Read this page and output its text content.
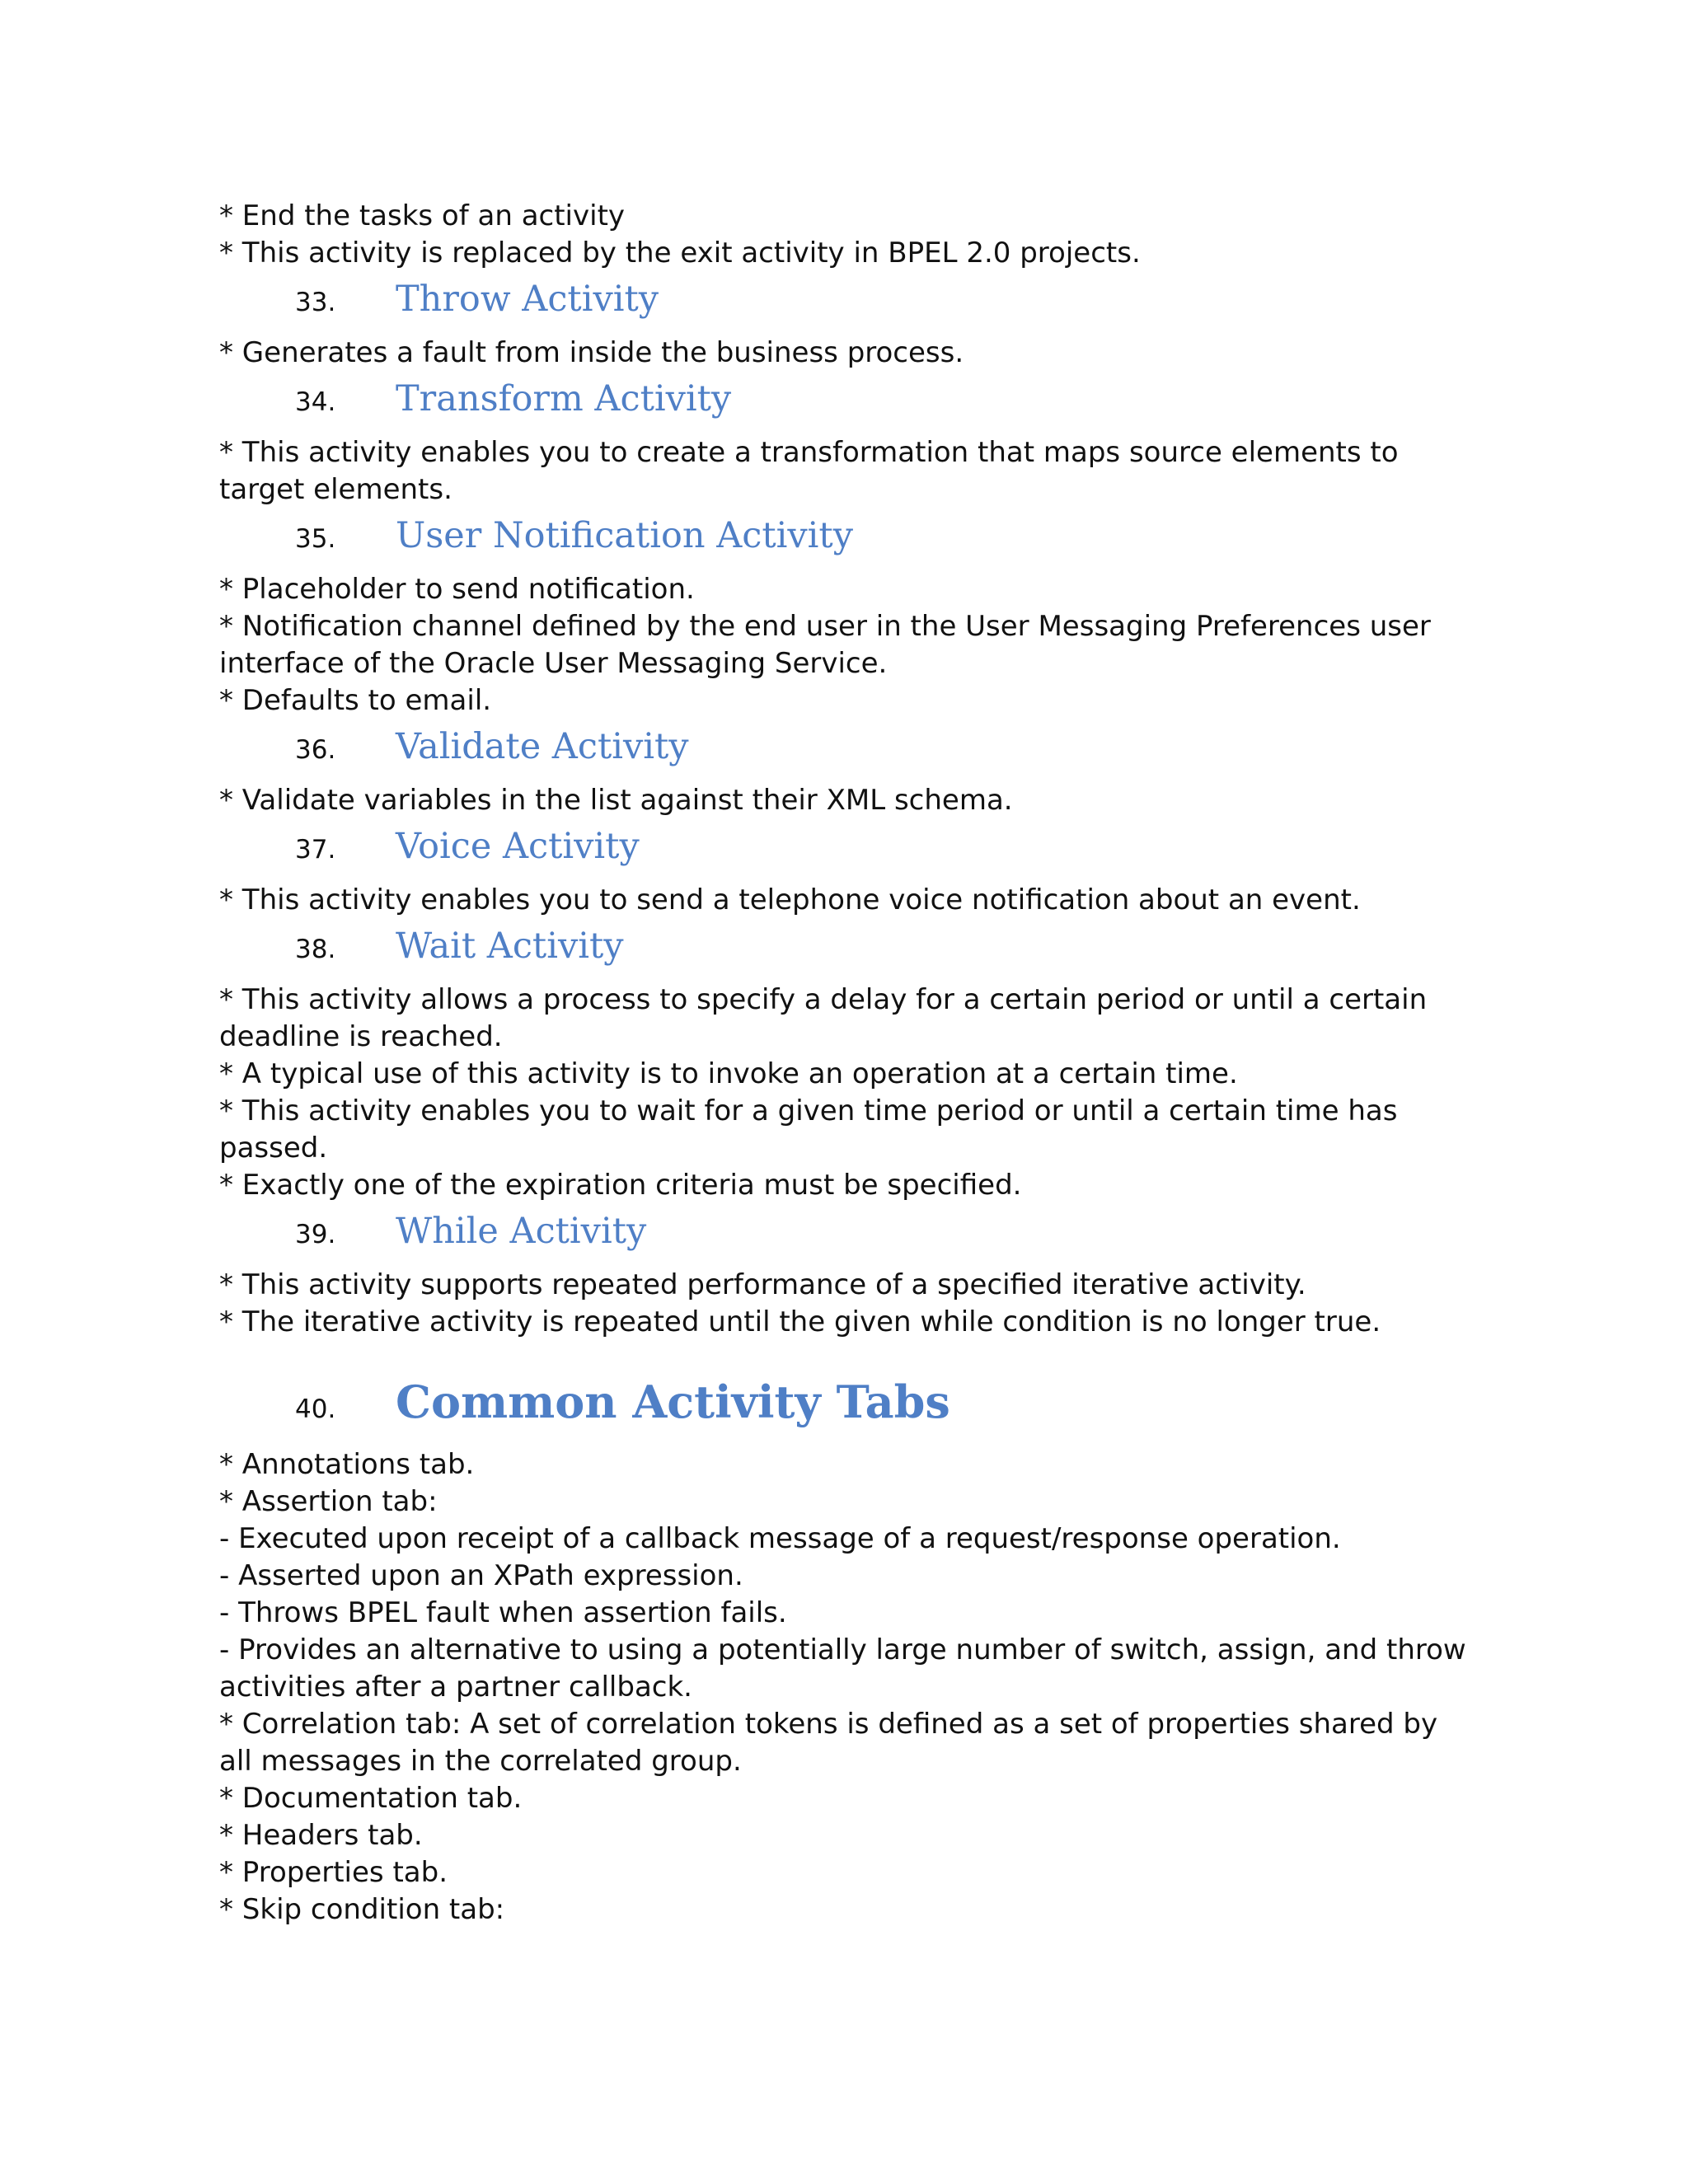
* End the tasks of an activity
* This activity is replaced by the exit activity in BPEL 2.0 projects.
33.	Throw Activity
* Generates a fault from inside the business process.
34.	Transform Activity
* This activity enables you to create a transformation that maps source elements to target elements.
35.	User Notification Activity
* Placeholder to send notification.
* Notification channel defined by the end user in the User Messaging Preferences user interface of the Oracle User Messaging Service.
* Defaults to email.
36.	Validate Activity
* Validate variables in the list against their XML schema.
37.	Voice Activity
* This activity enables you to send a telephone voice notification about an event.
38.	Wait Activity
* This activity allows a process to specify a delay for a certain period or until a certain deadline is reached.
* A typical use of this activity is to invoke an operation at a certain time.
* This activity enables you to wait for a given time period or until a certain time has passed.
* Exactly one of the expiration criteria must be specified.
39.	While Activity
* This activity supports repeated performance of a specified iterative activity.
* The iterative activity is repeated until the given while condition is no longer true.
40.	Common Activity Tabs
* Annotations tab.
* Assertion tab:
- Executed upon receipt of a callback message of a request/response operation.
- Asserted upon an XPath expression.
- Throws BPEL fault when assertion fails.
- Provides an alternative to using a potentially large number of switch, assign, and throw activities after a partner callback.
* Correlation tab: A set of correlation tokens is defined as a set of properties shared by all messages in the correlated group.
* Documentation tab.
* Headers tab.
* Properties tab.
* Skip condition tab:
